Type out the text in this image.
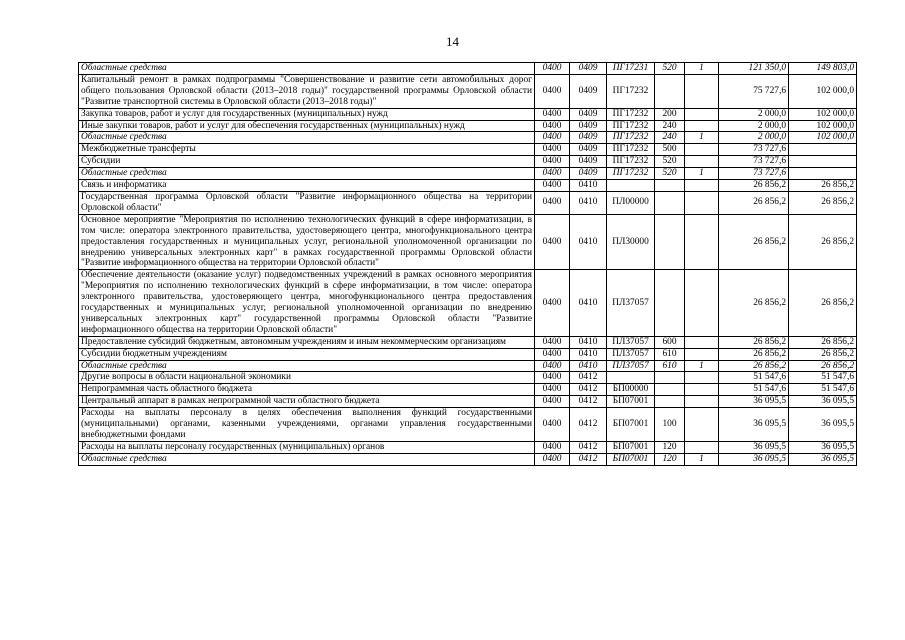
14
Областные средства	0400	0409	ПГ17231	520	1	121 350,0	149 803,0
Капитальный ремонт в рамках подпрограммы "Совершенствование и развитие сети автомобильных дорог общего пользования Орловской области (2013–2018 годы)" государственной программы Орловской области "Развитие транспортной системы в Орловской области (2013–2018 годы)"	0400	0409	ПГ17232			75 727,6	102 000,0
Закупка товаров, работ и услуг для государственных (муниципальных) нужд	0400	0409	ПГ17232	200		2 000,0	102 000,0
Иные закупки товаров, работ и услуг для обеспечения государственных (муниципальных) нужд	0400	0409	ПГ17232	240		2 000,0	102 000,0
Областные средства	0400	0409	ПГ17232	240	1	2 000,0	102 000,0
Межбюджетные трансферты	0400	0409	ПГ17232	500		73 727,6	
Субсидии	0400	0409	ПГ17232	520		73 727,6	
Областные средства	0400	0409	ПГ17232	520	1	73 727,6	
Связь и информатика	0400	0410				26 856,2	26 856,2
Государственная программа Орловской области "Развитие информационного общества на территории Орловской области"	0400	0410	ПЛ00000			26 856,2	26 856,2
Основное мероприятие "Мероприятия по исполнению технологических функций в сфере информатизации, в том числе: оператора электронного правительства, удостоверяющего центра, многофункционального центра предоставления государственных и муниципальных услуг, региональной уполномоченной организации по внедрению универсальных электронных карт" в рамках государственной программы Орловской области "Развитие информационного общества на территории Орловской области"	0400	0410	ПЛ30000			26 856,2	26 856,2
Обеспечение деятельности (оказание услуг) подведомственных учреждений в рамках основного мероприятия "Мероприятия по исполнению технологических функций в сфере информатизации, в том числе: оператора электронного правительства, удостоверяющего центра, многофункционального центра предоставления государственных и муниципальных услуг, региональной уполномоченной организации по внедрению универсальных электронных карт" государственной программы Орловской области "Развитие информационного общества на территории Орловской области"	0400	0410	ПЛ37057			26 856,2	26 856,2
Предоставление субсидий бюджетным, автономным учреждениям и иным некоммерческим организациям	0400	0410	ПЛ37057	600		26 856,2	26 856,2
Субсидии бюджетным учреждениям	0400	0410	ПЛ37057	610		26 856,2	26 856,2
Областные средства	0400	0410	ПЛ37057	610	1	26 856,2	26 856,2
Другие вопросы в области национальной экономики	0400	0412				51 547,6	51 547,6
Непрограммная часть областного бюджета	0400	0412	БП00000			51 547,6	51 547,6
Центральный аппарат в рамках непрограммной части областного бюджета	0400	0412	БП07001			36 095,5	36 095,5
Расходы на выплаты персоналу в целях обеспечения выполнения функций государственными (муниципальными) органами, казенными учреждениями, органами управления государственными внебюджетными фондами	0400	0412	БП07001	100		36 095,5	36 095,5
Расходы на выплаты персоналу государственных (муниципальных) органов	0400	0412	БП07001	120		36 095,5	36 095,5
Областные средства	0400	0412	БП07001	120	1	36 095,5	36 095,5
